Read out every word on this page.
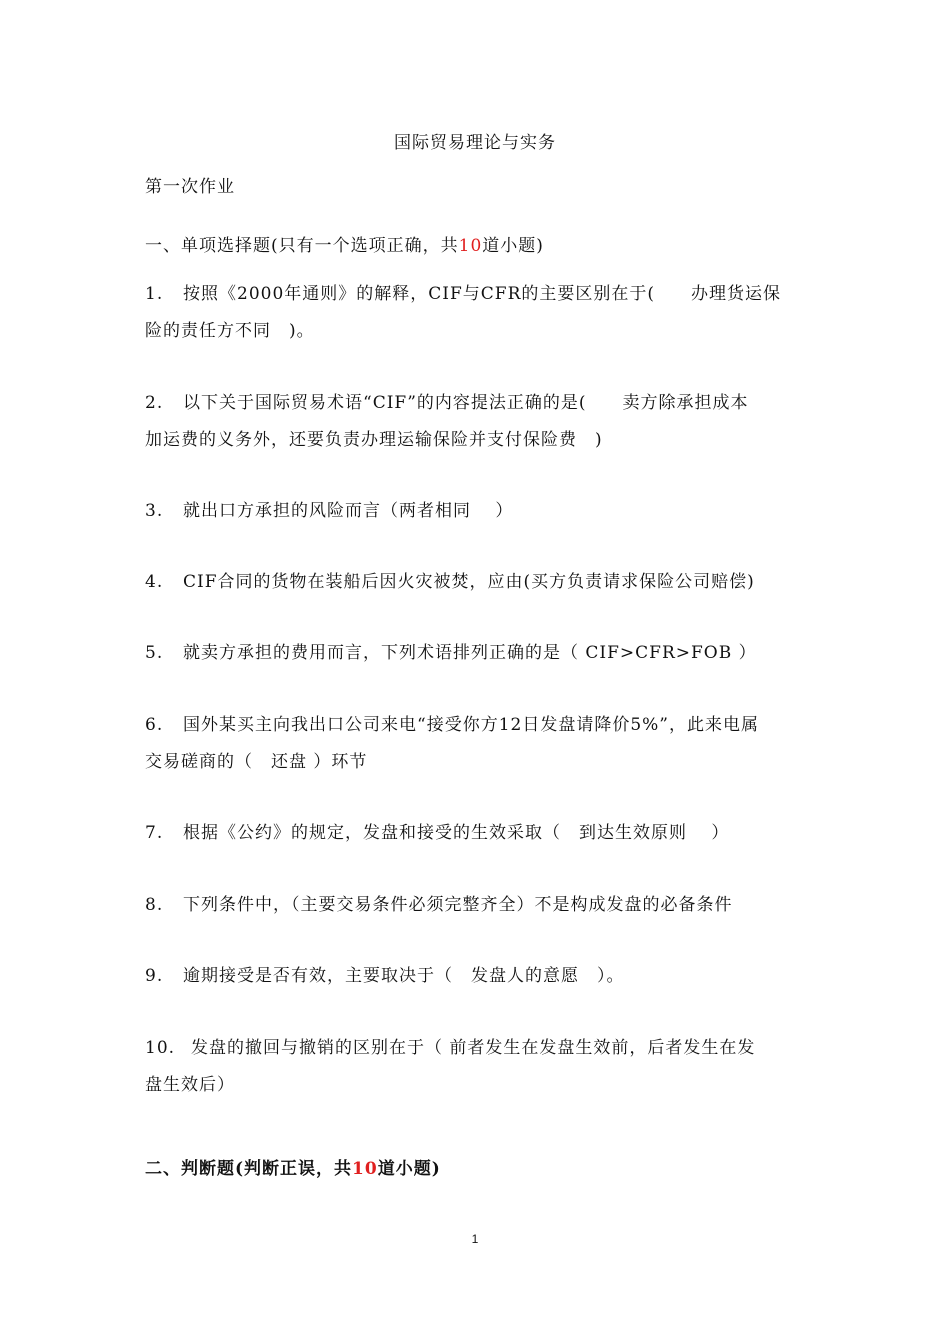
国际贸易理论与实务
第一次作业
一、单项选择题(只有一个选项正确，共10道小题)
1. 按照《2000年通则》的解释，CIF与CFR的主要区别在于(　　办理货运保
险的责任方不同　)。
2. 以下关于国际贸易术语“CIF”的内容提法正确的是(　　卖方除承担成本
加运费的义务外，还要负责办理运输保险并支付保险费　)
3. 就出口方承担的风险而言（两者相同　 ）
4. CIF合同的货物在装船后因火灾被焚，应由(买方负责请求保险公司赔偿)
5. 就卖方承担的费用而言，下列术语排列正确的是（ CIF>CFR>FOB ）
6. 国外某买主向我出口公司来电“接受你方12日发盘请降价5%”，此来电属
交易磋商的（　还盘 ）环节
7. 根据《公约》的规定，发盘和接受的生效采取（　到达生效原则　 ）
8. 下列条件中，（主要交易条件必须完整齐全）不是构成发盘的必备条件
9. 逾期接受是否有效，主要取决于（　发盘人的意愿　）。
10. 发盘的撤回与撤销的区别在于（ 前者发生在发盘生效前，后者发生在发
盘生效后）
二、判断题(判断正误，共10道小题)
1
